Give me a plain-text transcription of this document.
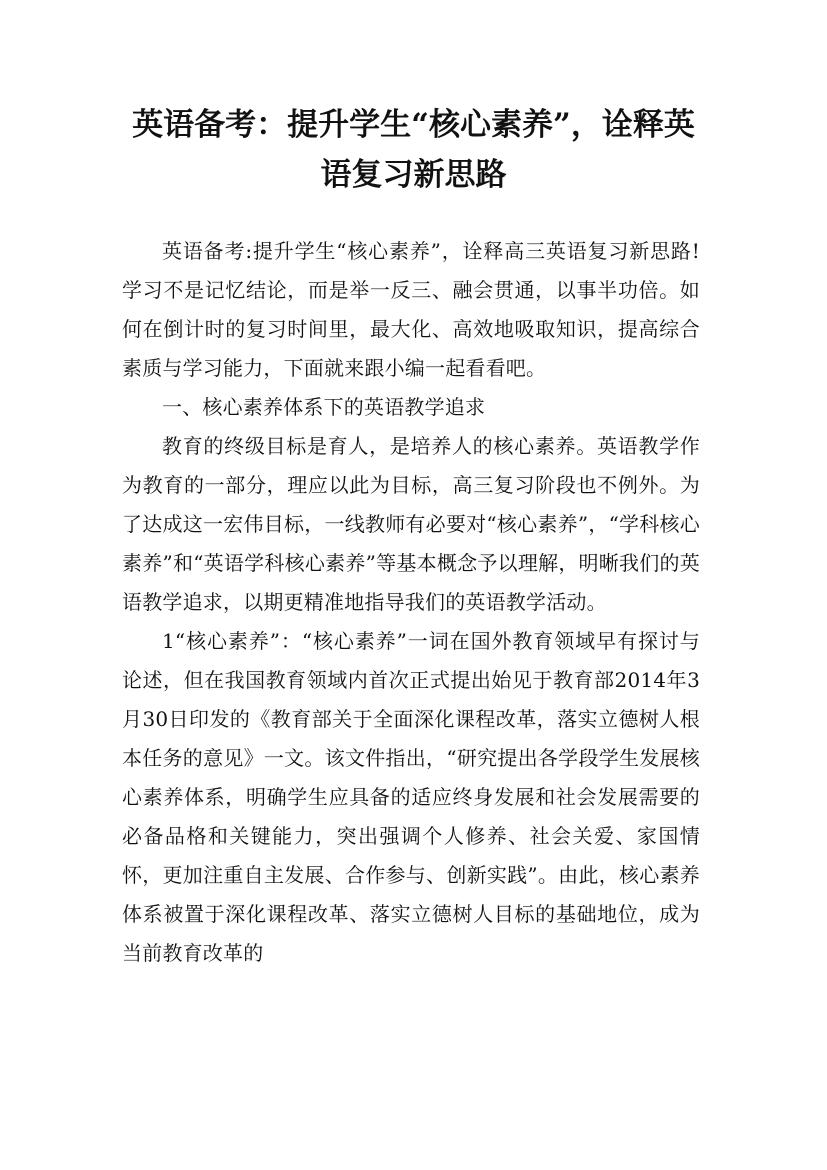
英语备考：提升学生“核心素养”，诠释英
语复习新思路

英语备考:提升学生“核心素养”，诠释高三英语复习新思路!学习不是记忆结论，而是举一反三、融会贯通，以事半功倍。如何在倒计时的复习时间里，最大化、高效地吸取知识，提高综合素质与学习能力，下面就来跟小编一起看看吧。

一、核心素养体系下的英语教学追求

教育的终级目标是育人，是培养人的核心素养。英语教学作为教育的一部分，理应以此为目标，高三复习阶段也不例外。为了达成这一宏伟目标，一线教师有必要对“核心素养”，“学科核心素养”和“英语学科核心素养”等基本概念予以理解，明晰我们的英语教学追求，以期更精准地指导我们的英语教学活动。

1“核心素养”：“核心素养”一词在国外教育领域早有探讨与论述，但在我国教育领域内首次正式提出始见于教育部2014年3月30日印发的《教育部关于全面深化课程改革，落实立德树人根本任务的意见》一文。该文件指出，“研究提出各学段学生发展核心素养体系，明确学生应具备的适应终身发展和社会发展需要的必备品格和关键能力，突出强调个人修养、社会关爱、家国情怀，更加注重自主发展、合作参与、创新实践”。由此，核心素养体系被置于深化课程改革、落实立德树人目标的基础地位，成为当前教育改革的
